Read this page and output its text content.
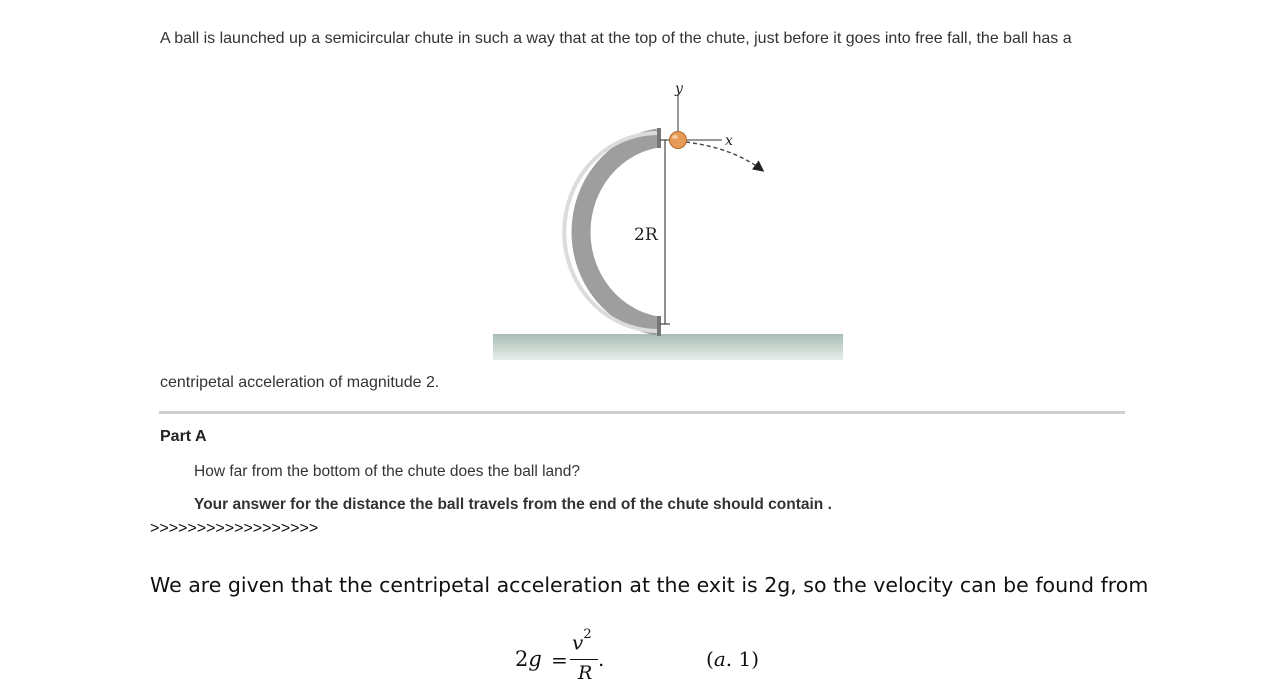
A ball is launched up a semicircular chute in such a way that at the top of the chute, just before it goes into free fall, the ball has a
2R
y
x
centripetal acceleration of magnitude 2.
Part A
How far from the bottom of the chute does the ball land?
Your answer for the distance the ball travels from the end of the chute should contain .
>>>>>>>>>>>>>>>>>>
We are given that the centripetal acceleration at the exit is 2g, so the velocity can be found from
2g =
$v^2$
R
.	(a. 1)
